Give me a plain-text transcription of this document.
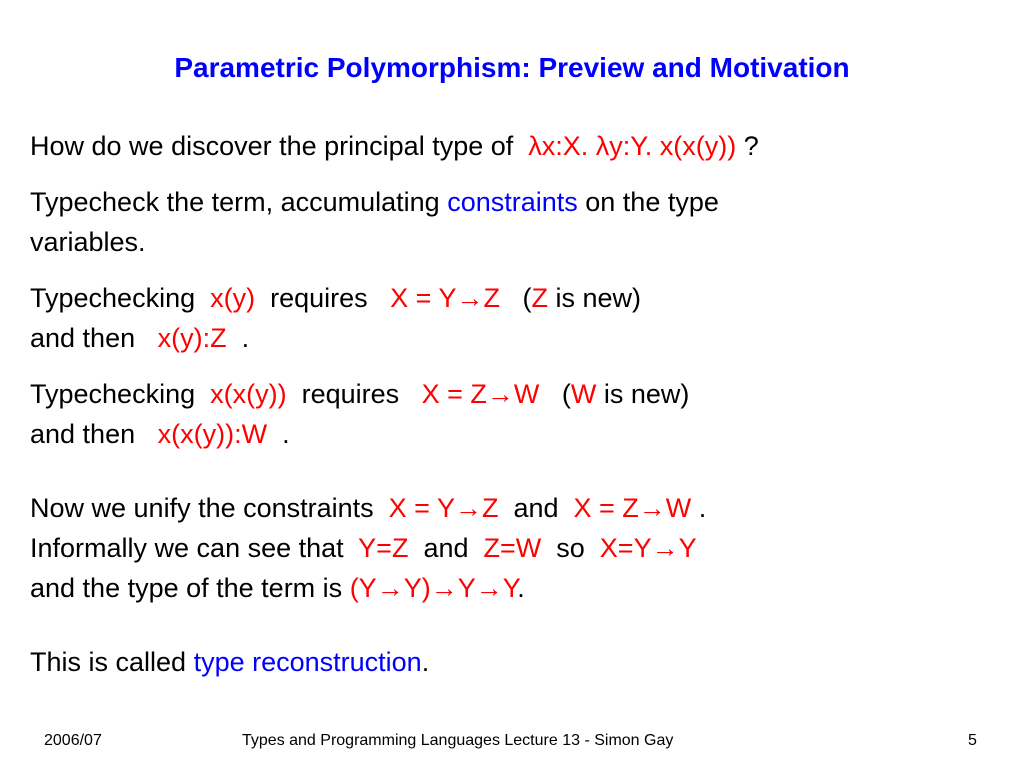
Parametric Polymorphism: Preview and Motivation
How do we discover the principal type of  λx:X. λy:Y. x(x(y)) ?
Typecheck the term, accumulating constraints on the type
variables.
Typechecking  x(y)  requires   X = Y→Z   (Z is new)
and then   x(y):Z  .
Typechecking  x(x(y))  requires   X = Z→W   (W is new)
and then   x(x(y)):W  .
Now we unify the constraints  X = Y→Z  and  X = Z→W .
Informally we can see that  Y=Z  and  Z=W  so  X=Y→Y
and the type of the term is (Y→Y)→Y→Y.
This is called type reconstruction.
2006/07	Types and Programming Languages Lecture 13 - Simon Gay	5
